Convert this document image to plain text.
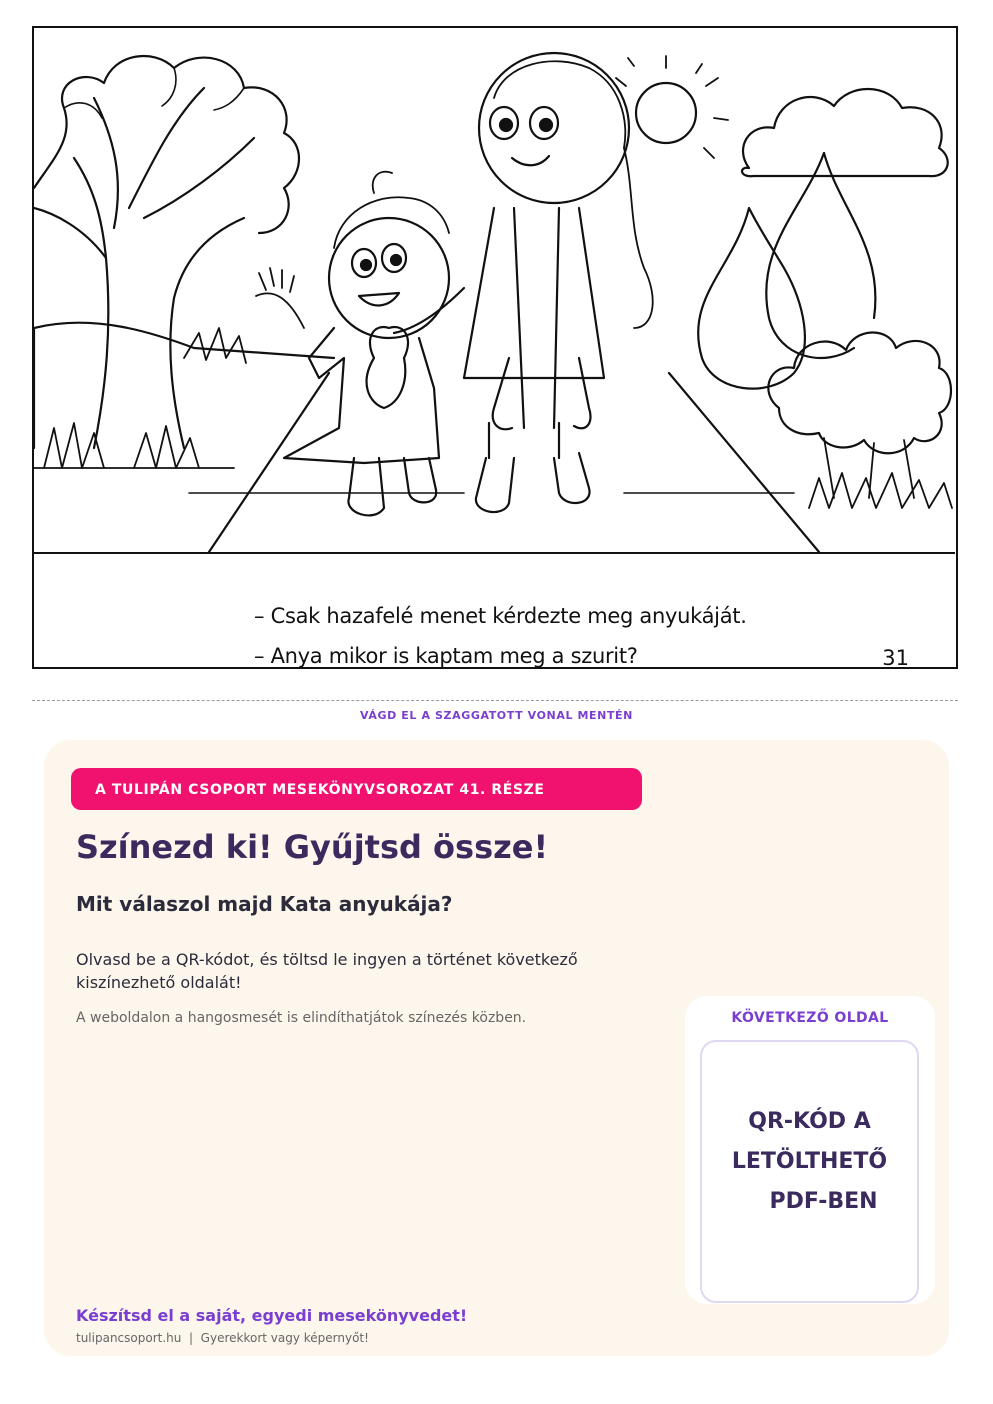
– Csak hazafelé menet kérdezte meg anyukáját.
– Anya mikor is kaptam meg a szurit?	31
VÁGD EL A SZAGGATOTT VONAL MENTÉN
A TULIPÁN CSOPORT MESEKÖNYVSOROZAT 41. RÉSZE
Színezd ki! Gyűjtsd össze!
Mit válaszol majd Kata anyukája?
Olvasd be a QR-kódot, és töltsd le ingyen a történet következő kiszínezhető oldalát!
A weboldalon a hangosmesét is elindíthatjátok színezés közben.	KÖVETKEZŐ OLDAL
QR-KÓD A
LETÖLTHETŐ
PDF-BEN
Készítsd el a saját, egyedi mesekönyvedet!
tulipancsoport.hu  |  Gyerekkort vagy képernyőt!
